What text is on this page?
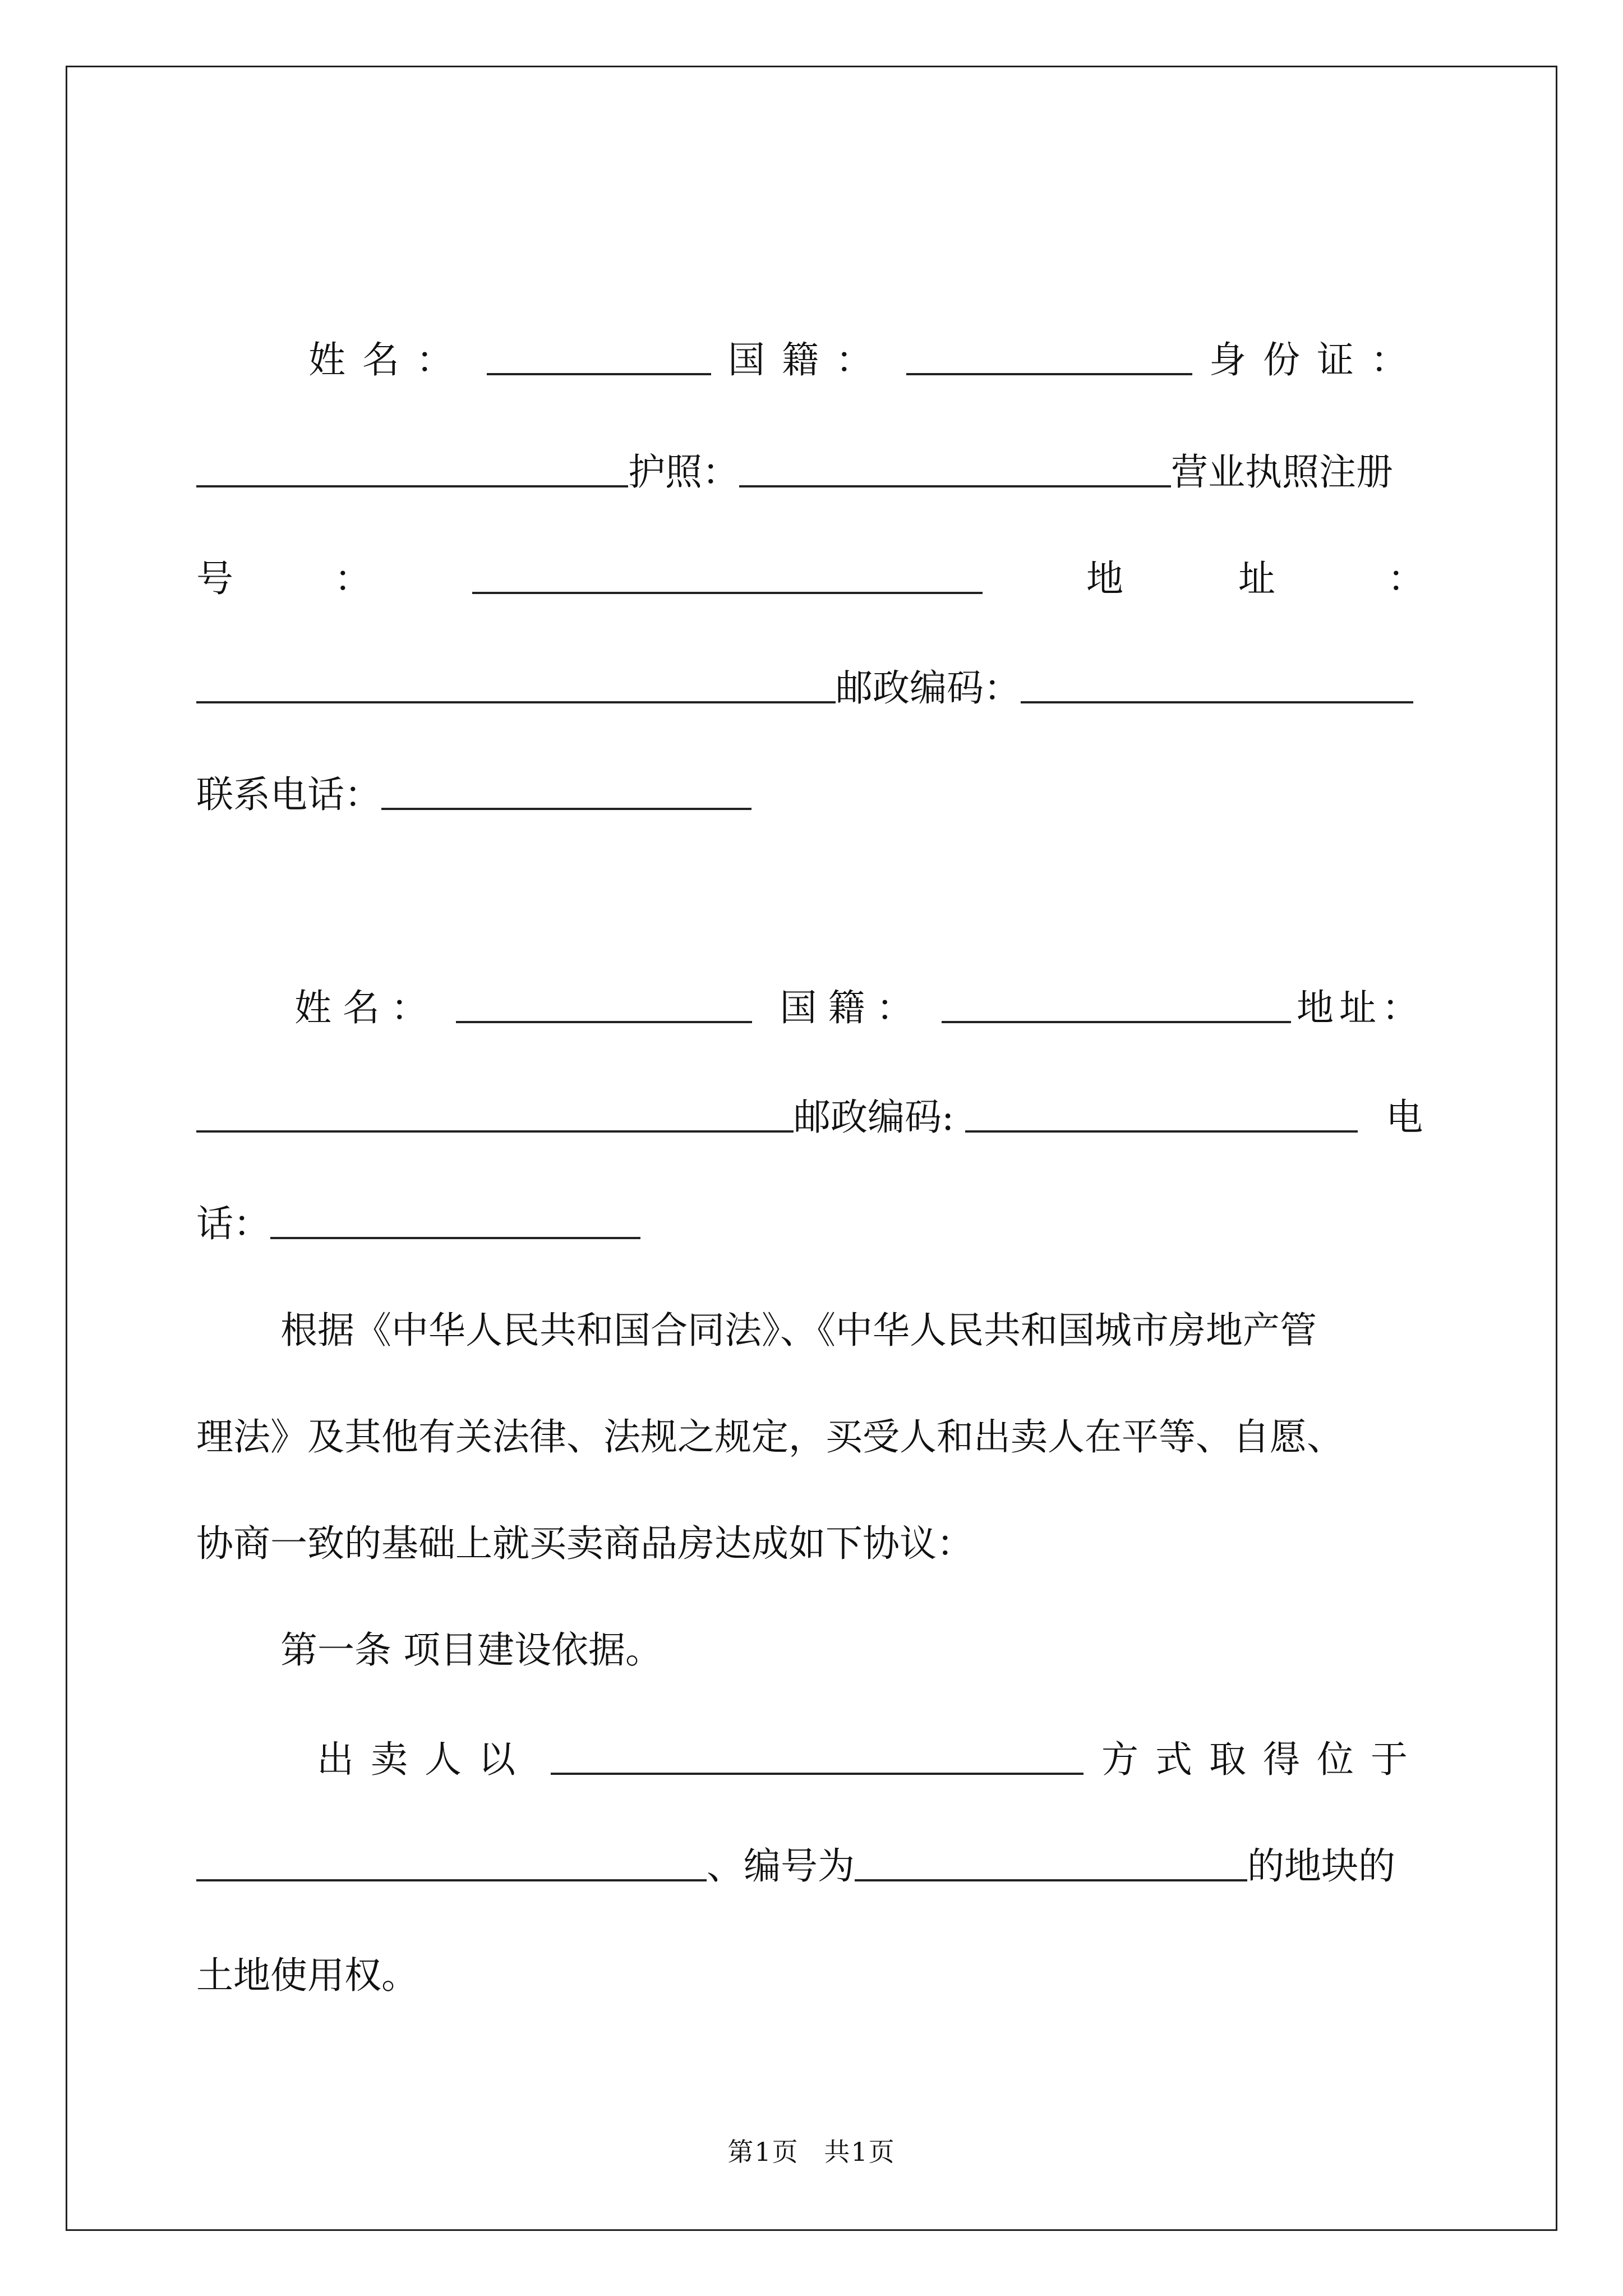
姓名：	国籍：	身份证：
护照：	营业执照注册
号	：	地	址	：
邮政编码：
联系电话：
姓名：	国籍：	地址：
邮政编码:	电
话：
根据《中华人民共和国合同法》、《中华人民共和国城市房地产管
理法》及其他有关法律、法规之规定，买受人和出卖人在平等、自愿、
协商一致的基础上就买卖商品房达成如下协议：
第一条 项目建设依据。
出卖人以	方式取得位于
、编号为	的地块的
土地使用权。
第1页 共1页
